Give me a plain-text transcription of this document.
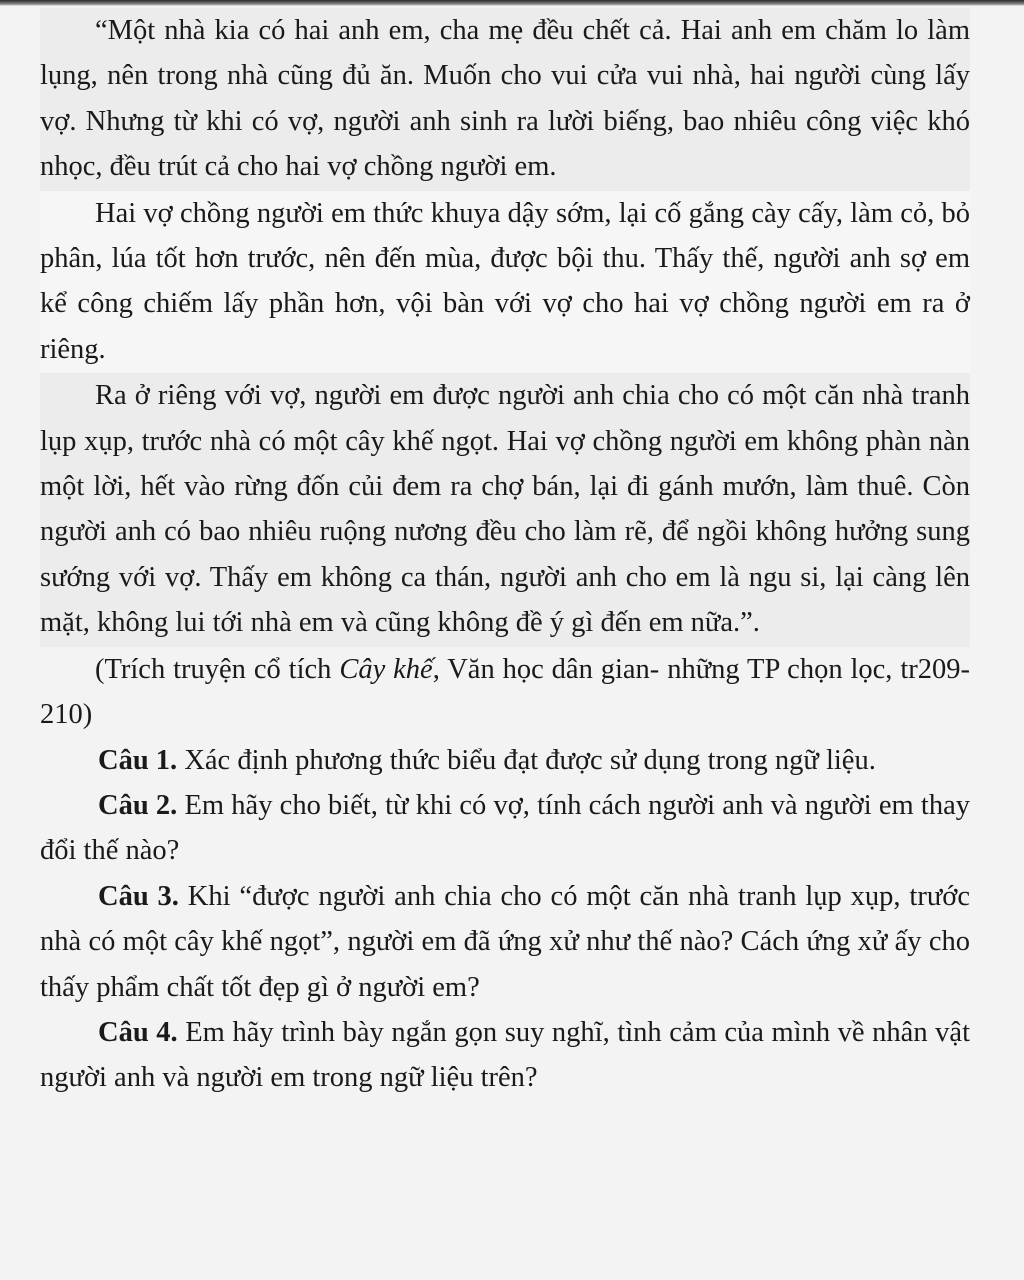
“Một nhà kia có hai anh em, cha mẹ đều chết cả. Hai anh em chăm lo làm lụng, nên trong nhà cũng đủ ăn. Muốn cho vui cửa vui nhà, hai người cùng lấy vợ. Nhưng từ khi có vợ, người anh sinh ra lười biếng, bao nhiêu công việc khó nhọc, đều trút cả cho hai vợ chồng người em.

Hai vợ chồng người em thức khuya dậy sớm, lại cố gắng cày cấy, làm cỏ, bỏ phân, lúa tốt hơn trước, nên đến mùa, được bội thu. Thấy thế, người anh sợ em kể công chiếm lấy phần hơn, vội bàn với vợ cho hai vợ chồng người em ra ở riêng.

Ra ở riêng với vợ, người em được người anh chia cho có một căn nhà tranh lụp xụp, trước nhà có một cây khế ngọt. Hai vợ chồng người em không phàn nàn một lời, hết vào rừng đốn củi đem ra chợ bán, lại đi gánh mướn, làm thuê. Còn người anh có bao nhiêu ruộng nương đều cho làm rẽ, để ngồi không hưởng sung sướng với vợ. Thấy em không ca thán, người anh cho em là ngu si, lại càng lên mặt, không lui tới nhà em và cũng không đề ý gì đến em nữa.”.

(Trích truyện cổ tích Cây khế, Văn học dân gian- những TP chọn lọc, tr209-210)

Câu 1. Xác định phương thức biểu đạt được sử dụng trong ngữ liệu.

Câu 2. Em hãy cho biết, từ khi có vợ, tính cách người anh và người em thay đổi thế nào?

Câu 3. Khi “được người anh chia cho có một căn nhà tranh lụp xụp, trước nhà có một cây khế ngọt”, người em đã ứng xử như thế nào? Cách ứng xử ấy cho thấy phẩm chất tốt đẹp gì ở người em?

Câu 4. Em hãy trình bày ngắn gọn suy nghĩ, tình cảm của mình về nhân vật người anh và người em trong ngữ liệu trên?
